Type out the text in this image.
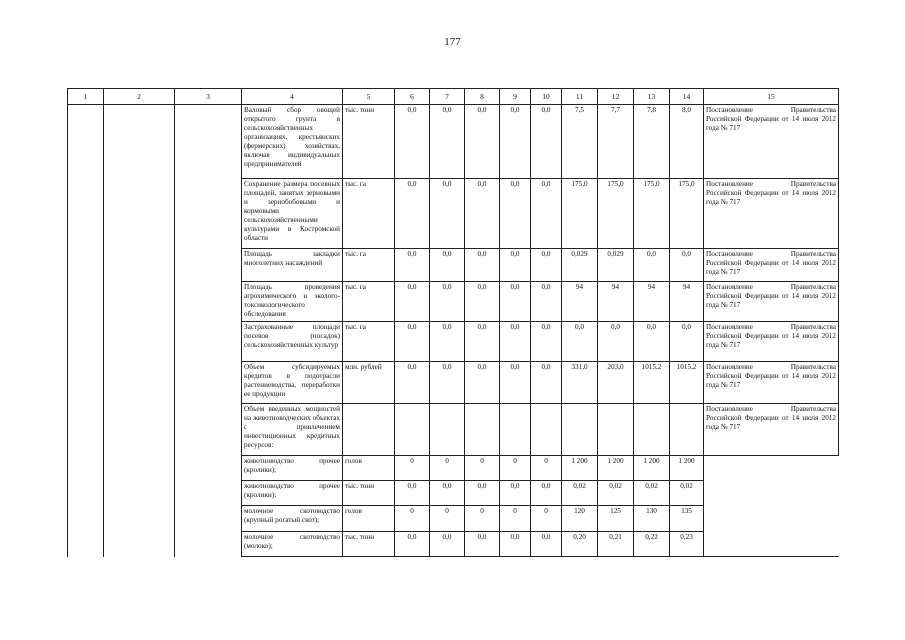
177
1	2	3	4	5	6	7	8	9	10	11	12	13	14	15
			Валовый сбор овощей открытого грунта в сельскохозяйственных организациях, крестьянских (фермерских) хозяйствах, включая индивидуальных предпринимателей	тыс. тонн	0,0	0,0	0,0	0,0	0,0	7,5	7,7	7,8	8,0	Постановление Правительства Российской Федерации от 14 июля 2012 года № 717
			Сохранение размера посевных площадей, занятых зерновыми и зернобобовыми и кормовыми сельскохозяйственными культурами в Костромской области	тыс. га	0,0	0,0	0,0	0,0	0,0	175,0	175,0	175,0	175,0	Постановление Правительства Российской Федерации от 14 июля 2012 года № 717
			Площадь закладки многолетних насаждений	тыс. га	0,0	0,0	0,0	0,0	0,0	0,029	0,029	0,0	0,0	Постановление Правительства Российской Федерации от 14 июля 2012 года № 717
			Площадь проведения агрохимического и эколого-токсикологического обследования	тыс. га	0,0	0,0	0,0	0,0	0,0	94	94	94	94	Постановление Правительства Российской Федерации от 14 июля 2012 года № 717
			Застрахованные площади посевов (посадок) сельскохозяйственных культур	тыс. га	0,0	0,0	0,0	0,0	0,0	0,0	0,0	0,0	0,0	Постановление Правительства Российской Федерации от 14 июля 2012 года № 717
			Объем субсидируемых кредитов в подотрасли растениеводства, переработки ее продукции	млн. рублей	0,0	0,0	0,0	0,0	0,0	331,0	203,0	1015,2	1015,2	Постановление Правительства Российской Федерации от 14 июля 2012 года № 717
			Объем введенных мощностей на животноводческих объектах с привлечением инвестиционных кредитных ресурсов:											Постановление Правительства Российской Федерации от 14 июля 2012 года № 717
			животноводство прочее (кролики);	голов	0	0	0	0	0	1 200	1 200	1 200	1 200	
			животноводство прочее (кролики);	тыс. тонн	0,0	0,0	0,0	0,0	0,0	0,02	0,02	0,02	0,02	
			молочное скотоводство (крупный рогатый скот);	голов	0	0	0	0	0	120	125	130	135	
			молочное скотоводство (молоко);	тыс. тонн	0,0	0,0	0,0	0,0	0,0	0,20	0,21	0,22	0,23	
